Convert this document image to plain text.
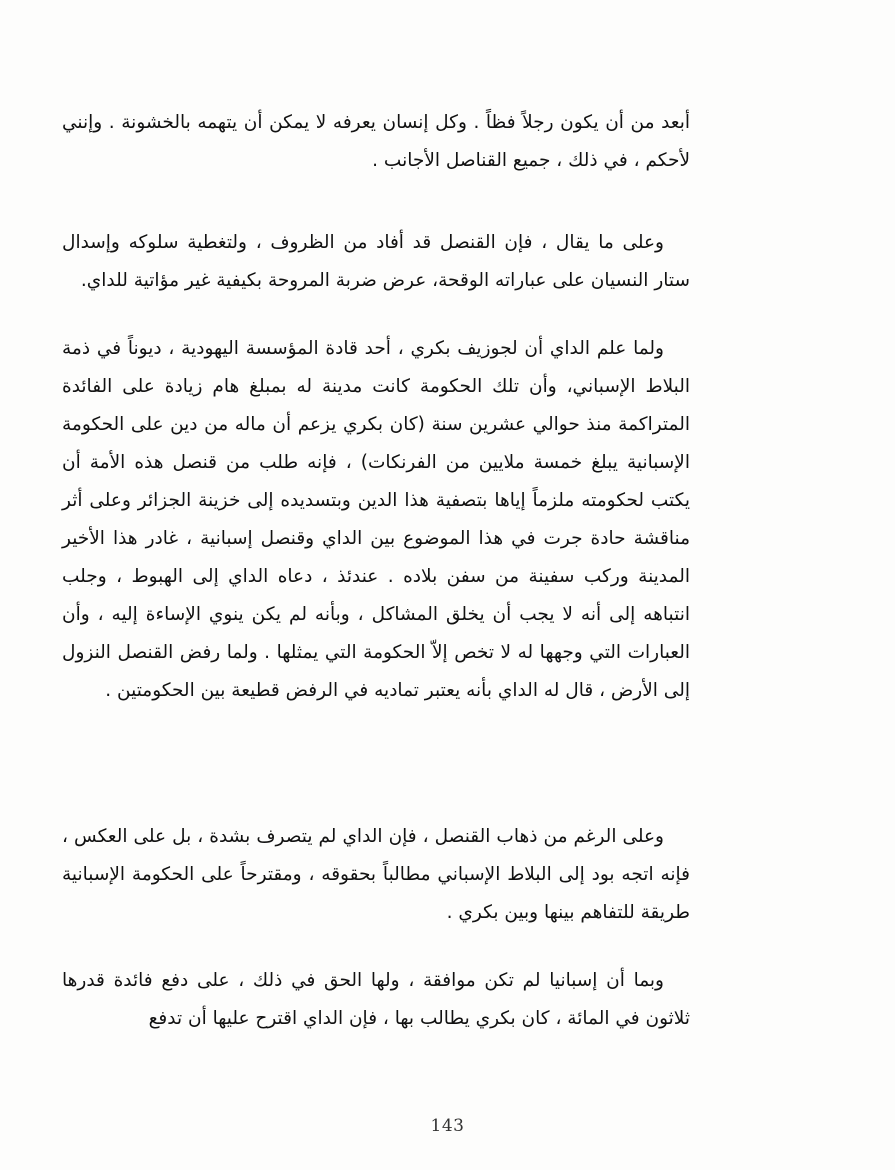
أبعد من أن يكون رجلاً فظاً . وكل إنسان يعرفه لا يمكن أن يتهمه بالخشونة . وإنني لأحكم ، في ذلك ، جميع القناصل الأجانب .

وعلى ما يقال ، فإن القنصل قد أفاد من الظروف ، ولتغطية سلوكه وإسدال ستار النسيان على عباراته الوقحة، عرض ضربة المروحة بكيفية غير مؤاتية للداي.

ولما علم الداي أن لجوزيف بكري ، أحد قادة المؤسسة اليهودية ، ديوناً في ذمة البلاط الإسباني، وأن تلك الحكومة كانت مدينة له بمبلغ هام زيادة على الفائدة المتراكمة منذ حوالي عشرين سنة (كان بكري يزعم أن ماله من دين على الحكومة الإسبانية يبلغ خمسة ملايين من الفرنكات) ، فإنه طلب من قنصل هذه الأمة أن يكتب لحكومته ملزماً إياها بتصفية هذا الدين وبتسديده إلى خزينة الجزائر وعلى أثر مناقشة حادة جرت في هذا الموضوع بين الداي وقنصل إسبانية ، غادر هذا الأخير المدينة وركب سفينة من سفن بلاده . عندئذ ، دعاه الداي إلى الهبوط ، وجلب انتباهه إلى أنه لا يجب أن يخلق المشاكل ، وبأنه لم يكن ينوي الإساءة إليه ، وأن العبارات التي وجهها له لا تخص إلاّ الحكومة التي يمثلها . ولما رفض القنصل النزول إلى الأرض ، قال له الداي بأنه يعتبر تماديه في الرفض قطيعة بين الحكومتين .

وعلى الرغم من ذهاب القنصل ، فإن الداي لم يتصرف بشدة ، بل على العكس ، فإنه اتجه بود إلى البلاط الإسباني مطالباً بحقوقه ، ومقترحاً على الحكومة الإسبانية طريقة للتفاهم بينها وبين بكري .

وبما أن إسبانيا لم تكن موافقة ، ولها الحق في ذلك ، على دفع فائدة قدرها ثلاثون في المائة ، كان بكري يطالب بها ، فإن الداي اقترح عليها أن تدفع

143
